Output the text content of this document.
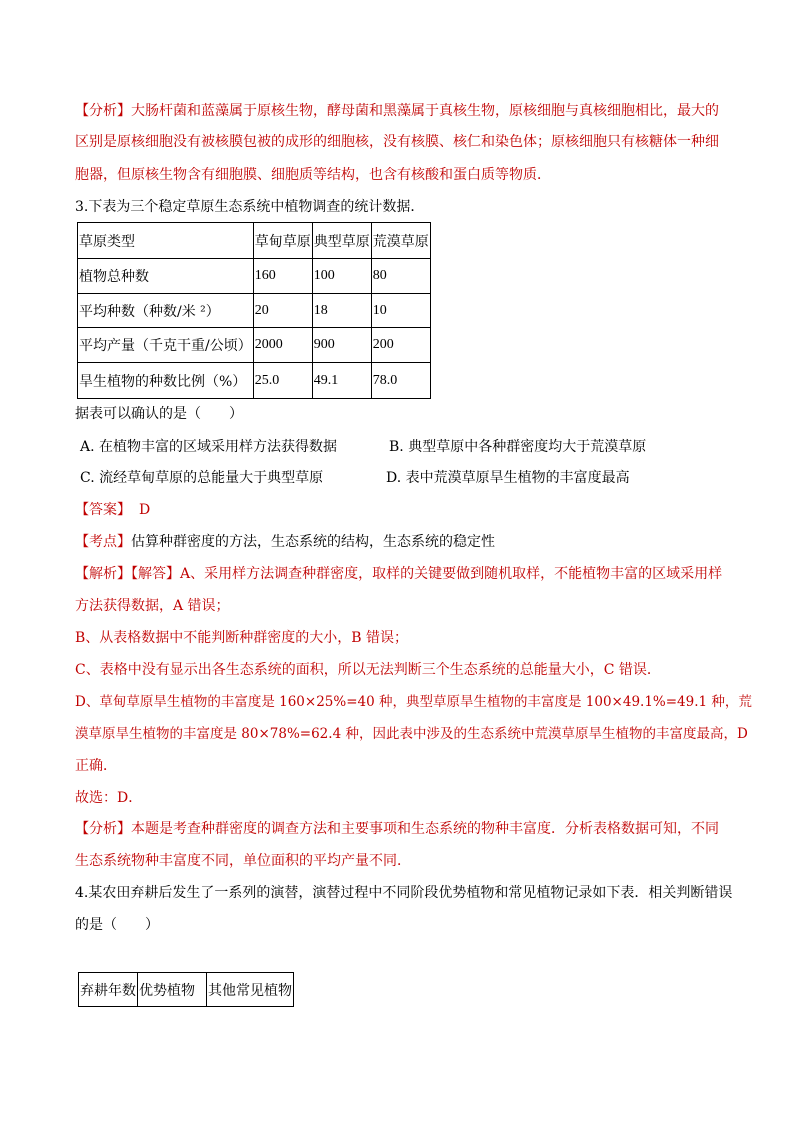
【分析】大肠杆菌和蓝藻属于原核生物，酵母菌和黑藻属于真核生物，原核细胞与真核细胞相比，最大的
区别是原核细胞没有被核膜包被的成形的细胞核，没有核膜、核仁和染色体；原核细胞只有核糖体一种细
胞器，但原核生物含有细胞膜、细胞质等结构，也含有核酸和蛋白质等物质．
3.下表为三个稳定草原生态系统中植物调查的统计数据．
草原类型	草甸草原	典型草原	荒漠草原
植物总种数	160	100	80
平均种数（种数/米 ²）	20	18	10
平均产量（千克干重/公顷）	2000	900	200
旱生植物的种数比例（%）	25.0	49.1	78.0
据表可以确认的是（　　）
A. 在植物丰富的区域采用样方法获得数据	B. 典型草原中各种群密度均大于荒漠草原
C. 流经草甸草原的总能量大于典型草原	D. 表中荒漠草原旱生植物的丰富度最高
【答案】 D
【考点】估算种群密度的方法，生态系统的结构，生态系统的稳定性
【解析】【解答】A、采用样方法调查种群密度，取样的关键要做到随机取样，不能植物丰富的区域采用样
方法获得数据，A 错误；
B、从表格数据中不能判断种群密度的大小，B 错误；
C、表格中没有显示出各生态系统的面积，所以无法判断三个生态系统的总能量大小，C 错误．
D、草甸草原旱生植物的丰富度是 160×25%=40 种，典型草原旱生植物的丰富度是 100×49.1%=49.1 种，荒
漠草原旱生植物的丰富度是 80×78%=62.4 种，因此表中涉及的生态系统中荒漠草原旱生植物的丰富度最高，D
正确．
故选：D．
【分析】本题是考查种群密度的调查方法和主要事项和生态系统的物种丰富度．分析表格数据可知，不同
生态系统物种丰富度不同，单位面积的平均产量不同．
4.某农田弃耕后发生了一系列的演替，演替过程中不同阶段优势植物和常见植物记录如下表．相关判断错误
的是（　　）
弃耕年数	优势植物	其他常见植物
